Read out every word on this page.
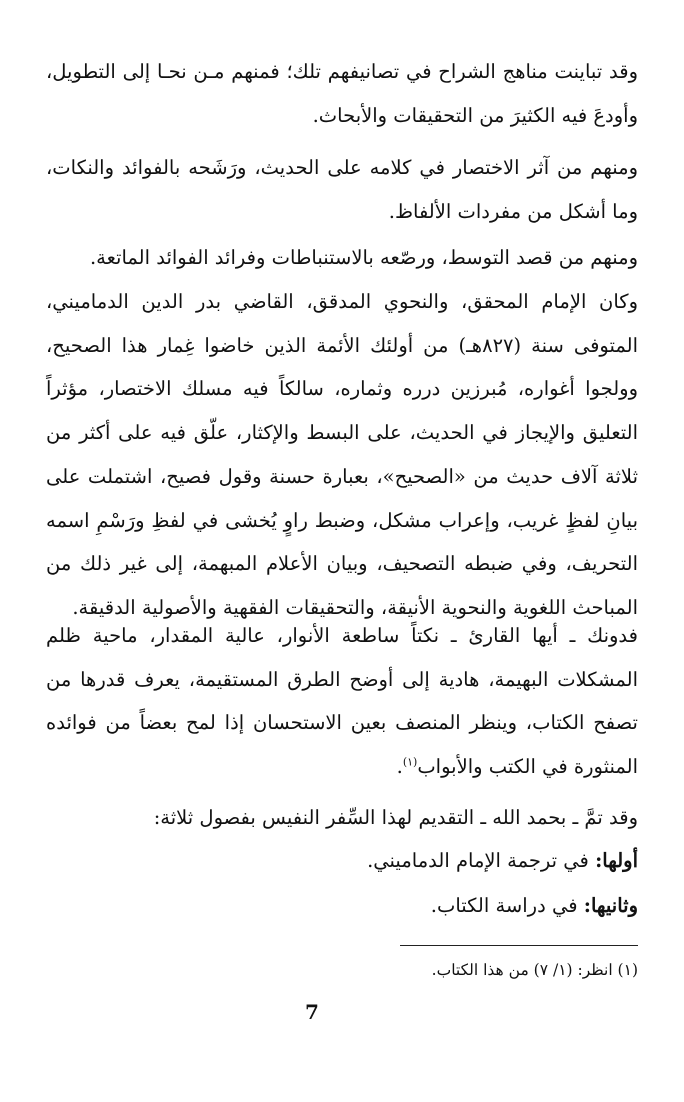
وقد تباينت مناهج الشراح في تصانيفهم تلك؛ فمنهم مـن نحـا إلى التطويل، وأودعَ فيه الكثيرَ من التحقيقات والأبحاث.

ومنهم من آثر الاختصار في كلامه على الحديث، ورَشَحه بالفوائد والنكات، وما أشكل من مفردات الألفاظ.

ومنهم من قصد التوسط، ورصّعه بالاستنباطات وفرائد الفوائد الماتعة.

وكان الإمام المحقق، والنحوي المدقق، القاضي بدر الدين الدماميني، المتوفى سنة (٨٢٧هـ) من أولئك الأئمة الذين خاضوا غِمار هذا الصحيح، وولجوا أغواره، مُبرزين درره وثماره، سالكاً فيه مسلك الاختصار، مؤثراً التعليق والإيجاز في الحديث، على البسط والإكثار، علّق فيه على أكثر من ثلاثة آلاف حديث من «الصحيح»، بعبارة حسنة وقول فصيح، اشتملت على بيانِ لفظٍ غريب، وإعراب مشكل، وضبط راوٍ يُخشى في لفظِ ورَسْمِ اسمه التحريف، وفي ضبطه التصحيف، وبيان الأعلام المبهمة، إلى غير ذلك من المباحث اللغوية والنحوية الأنيقة، والتحقيقات الفقهية والأصولية الدقيقة.

فدونك ـ أيها القارئ ـ نكتاً ساطعة الأنوار، عالية المقدار، ماحية ظلم المشكلات البهيمة، هادية إلى أوضح الطرق المستقيمة، يعرف قدرها من تصفح الكتاب، وينظر المنصف بعين الاستحسان إذا لمح بعضاً من فوائده المنثورة في الكتب والأبواب$^{(١)}$.

وقد تمَّ ـ بحمد الله ـ التقديم لهذا السِّفر النفيس بفصول ثلاثة:

أولها: في ترجمة الإمام الدماميني.

وثانيها: في دراسة الكتاب.

(١) انظر: (١/ ٧) من هذا الكتاب.

7
